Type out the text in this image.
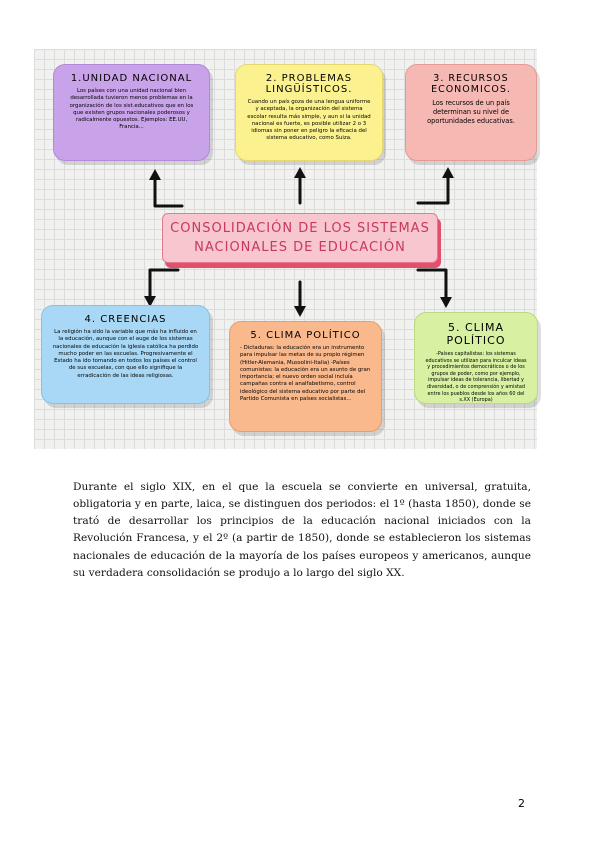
1.UNIDAD NACIONAL

Los países con una unidad nacional bien desarrollada tuvieron menos problemas en la organización de los sist.educativos que en los que existen grupos nacionales poderosos y radicalmente opuestos. Ejemplos: EE.UU, Francia...

2. PROBLEMAS LINGÜÍSTICOS.

Cuando un país goza de una lengua uniforme y aceptada, la organización del sistema escolar resulta más simple, y aun si la unidad nacional es fuerte, es posible utilizar 2 o 3 idiomas sin poner en peligro la eficacia del sistema educativo, como Suiza.

3. RECURSOS ECONOMICOS.

Los recursos de un país determinan su nivel de oportunidades educativas.

CONSOLIDACIÓN DE LOS SISTEMAS
NACIONALES DE EDUCACIÓN
4. CREENCIAS

La religión ha sido la variable que más ha influido en la educación, aunque con el auge de los sistemas nacionales de educación la iglesia católica ha perdido mucho poder en las escuelas. Progresivamente el Estado ha ido tomando en todos los países el control de sus escuelas, con que ello signifique la erradicación de las ideas religiosas.

5. CLIMA POLÍTICO

- Dictaduras: la educación era un instrumento para impulsar las metas de su propio régimen (Hitler-Alemania, Mussolini-Italia) -Países comunistas: la educación era un asunto de gran importancia; el nuevo orden social incluía campañas contra el analfabetismo, control ideológico del sistema educativo por parte del Partido Comunista en países socialistas...

5. CLIMA POLÍTICO

-Países capitalistas: los sistemas educativos se utilizan para inculcar ideas y procedimientos democráticos o de los grupos de poder, como por ejemplo, impulsar ideas de tolerancia, libertad y diversidad, o de comprensión y amistad entre los pueblos desde los años 60 del s.XX (Europa)

Durante el siglo XIX, en el que la escuela se convierte en universal, gratuita, obligatoria y en parte, laica, se distinguen dos periodos: el 1º (hasta 1850), donde se trató de desarrollar los principios de la educación nacional iniciados con la Revolución Francesa, y el 2º (a partir de 1850), donde se establecieron los sistemas nacionales de educación de la mayoría de los países europeos y americanos, aunque su verdadera consolidación se produjo a lo largo del siglo XX.

2
